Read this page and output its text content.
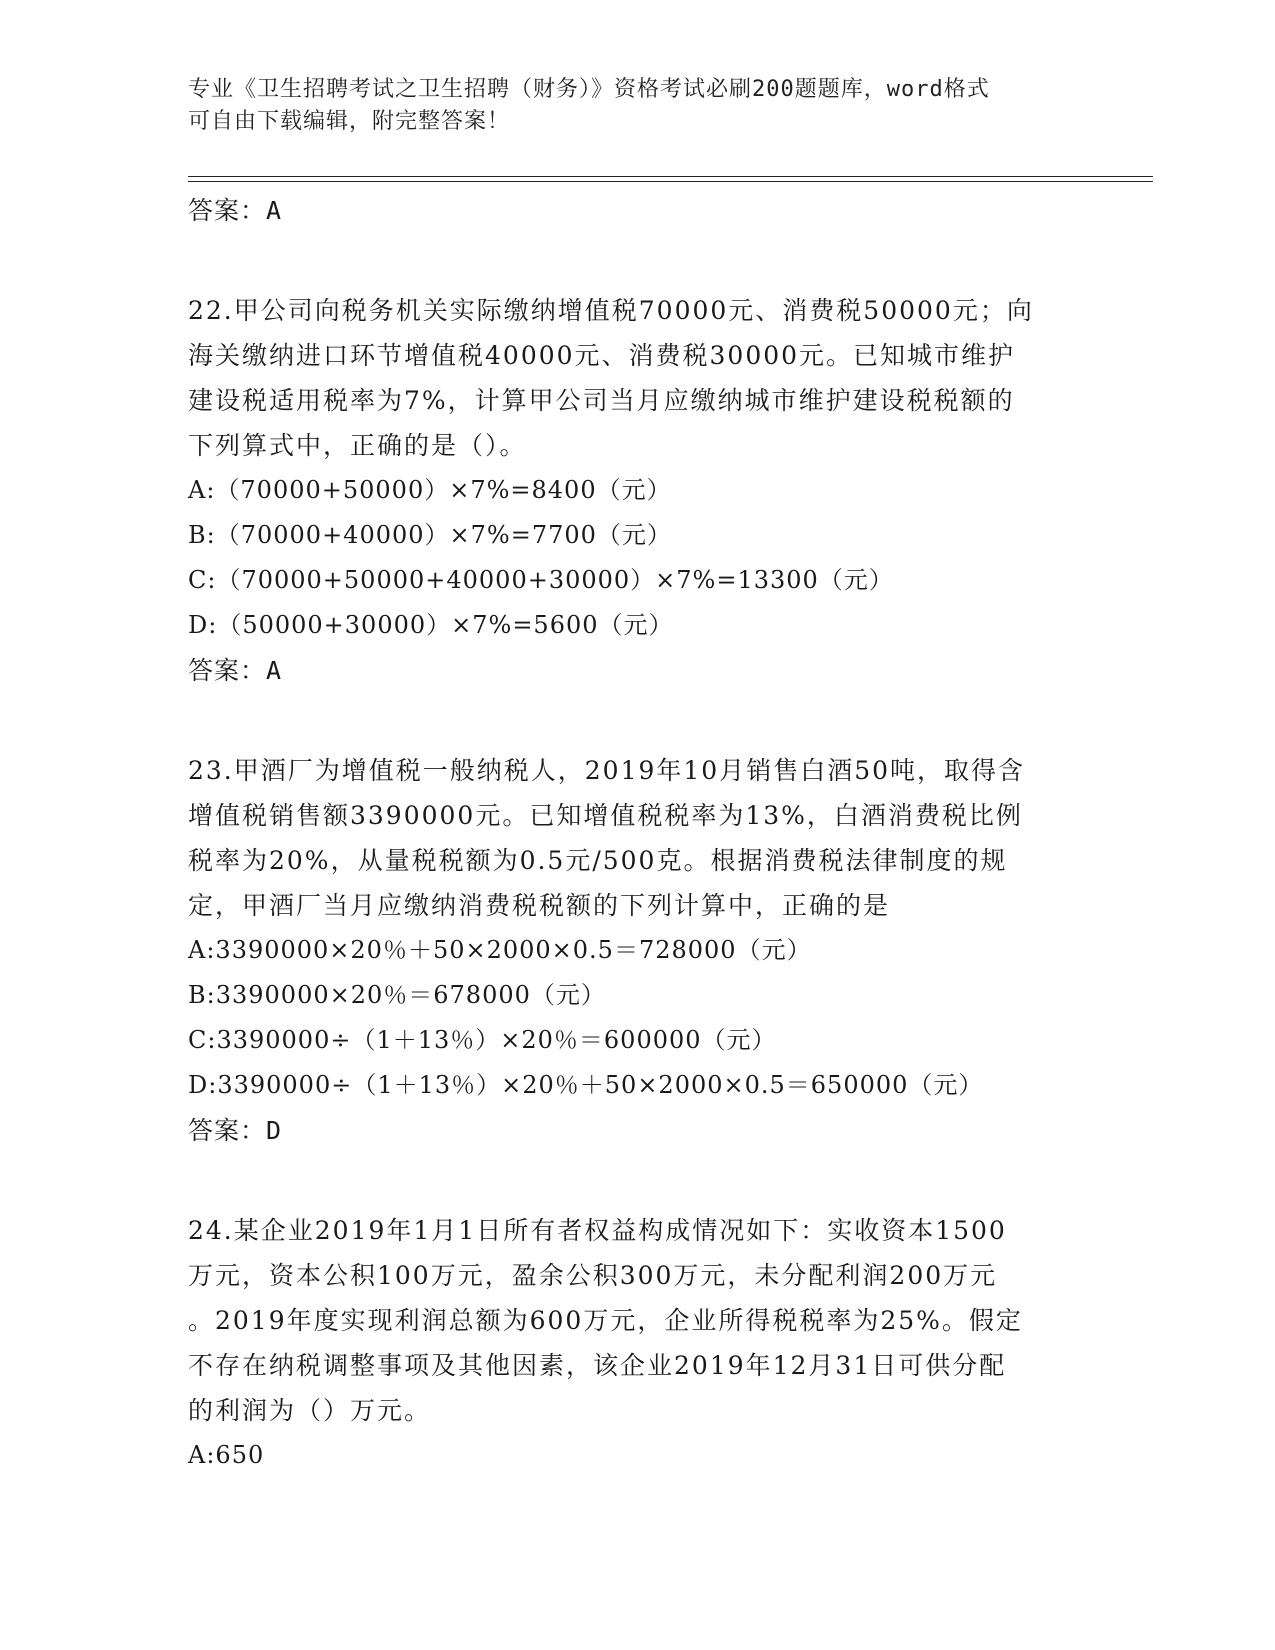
专业《卫生招聘考试之卫生招聘（财务）》资格考试必刷200题题库，word格式
可自由下载编辑，附完整答案！
答案：A
22.甲公司向税务机关实际缴纳增值税70000元、消费税50000元；向
海关缴纳进口环节增值税40000元、消费税30000元。已知城市维护
建设税适用税率为7%，计算甲公司当月应缴纳城市维护建设税税额的
下列算式中，正确的是（）。
A:（70000+50000）×7%=8400（元）
B:（70000+40000）×7%=7700（元）
C:（70000+50000+40000+30000）×7%=13300（元）
D:（50000+30000）×7%=5600（元）
答案：A
23.甲酒厂为增值税一般纳税人，2019年10月销售白酒50吨，取得含
增值税销售额3390000元。已知增值税税率为13%，白酒消费税比例
税率为20%，从量税税额为0.5元/500克。根据消费税法律制度的规
定，甲酒厂当月应缴纳消费税税额的下列计算中，正确的是
A:3390000×20％＋50×2000×0.5＝728000（元）
B:3390000×20％＝678000（元）
C:3390000÷（1＋13％）×20％＝600000（元）
D:3390000÷（1＋13％）×20％＋50×2000×0.5＝650000（元）
答案：D
24.某企业2019年1月1日所有者权益构成情况如下：实收资本1500
万元，资本公积100万元，盈余公积300万元，未分配利润200万元
。2019年度实现利润总额为600万元，企业所得税税率为25%。假定
不存在纳税调整事项及其他因素，该企业2019年12月31日可供分配
的利润为（）万元。
A:650
